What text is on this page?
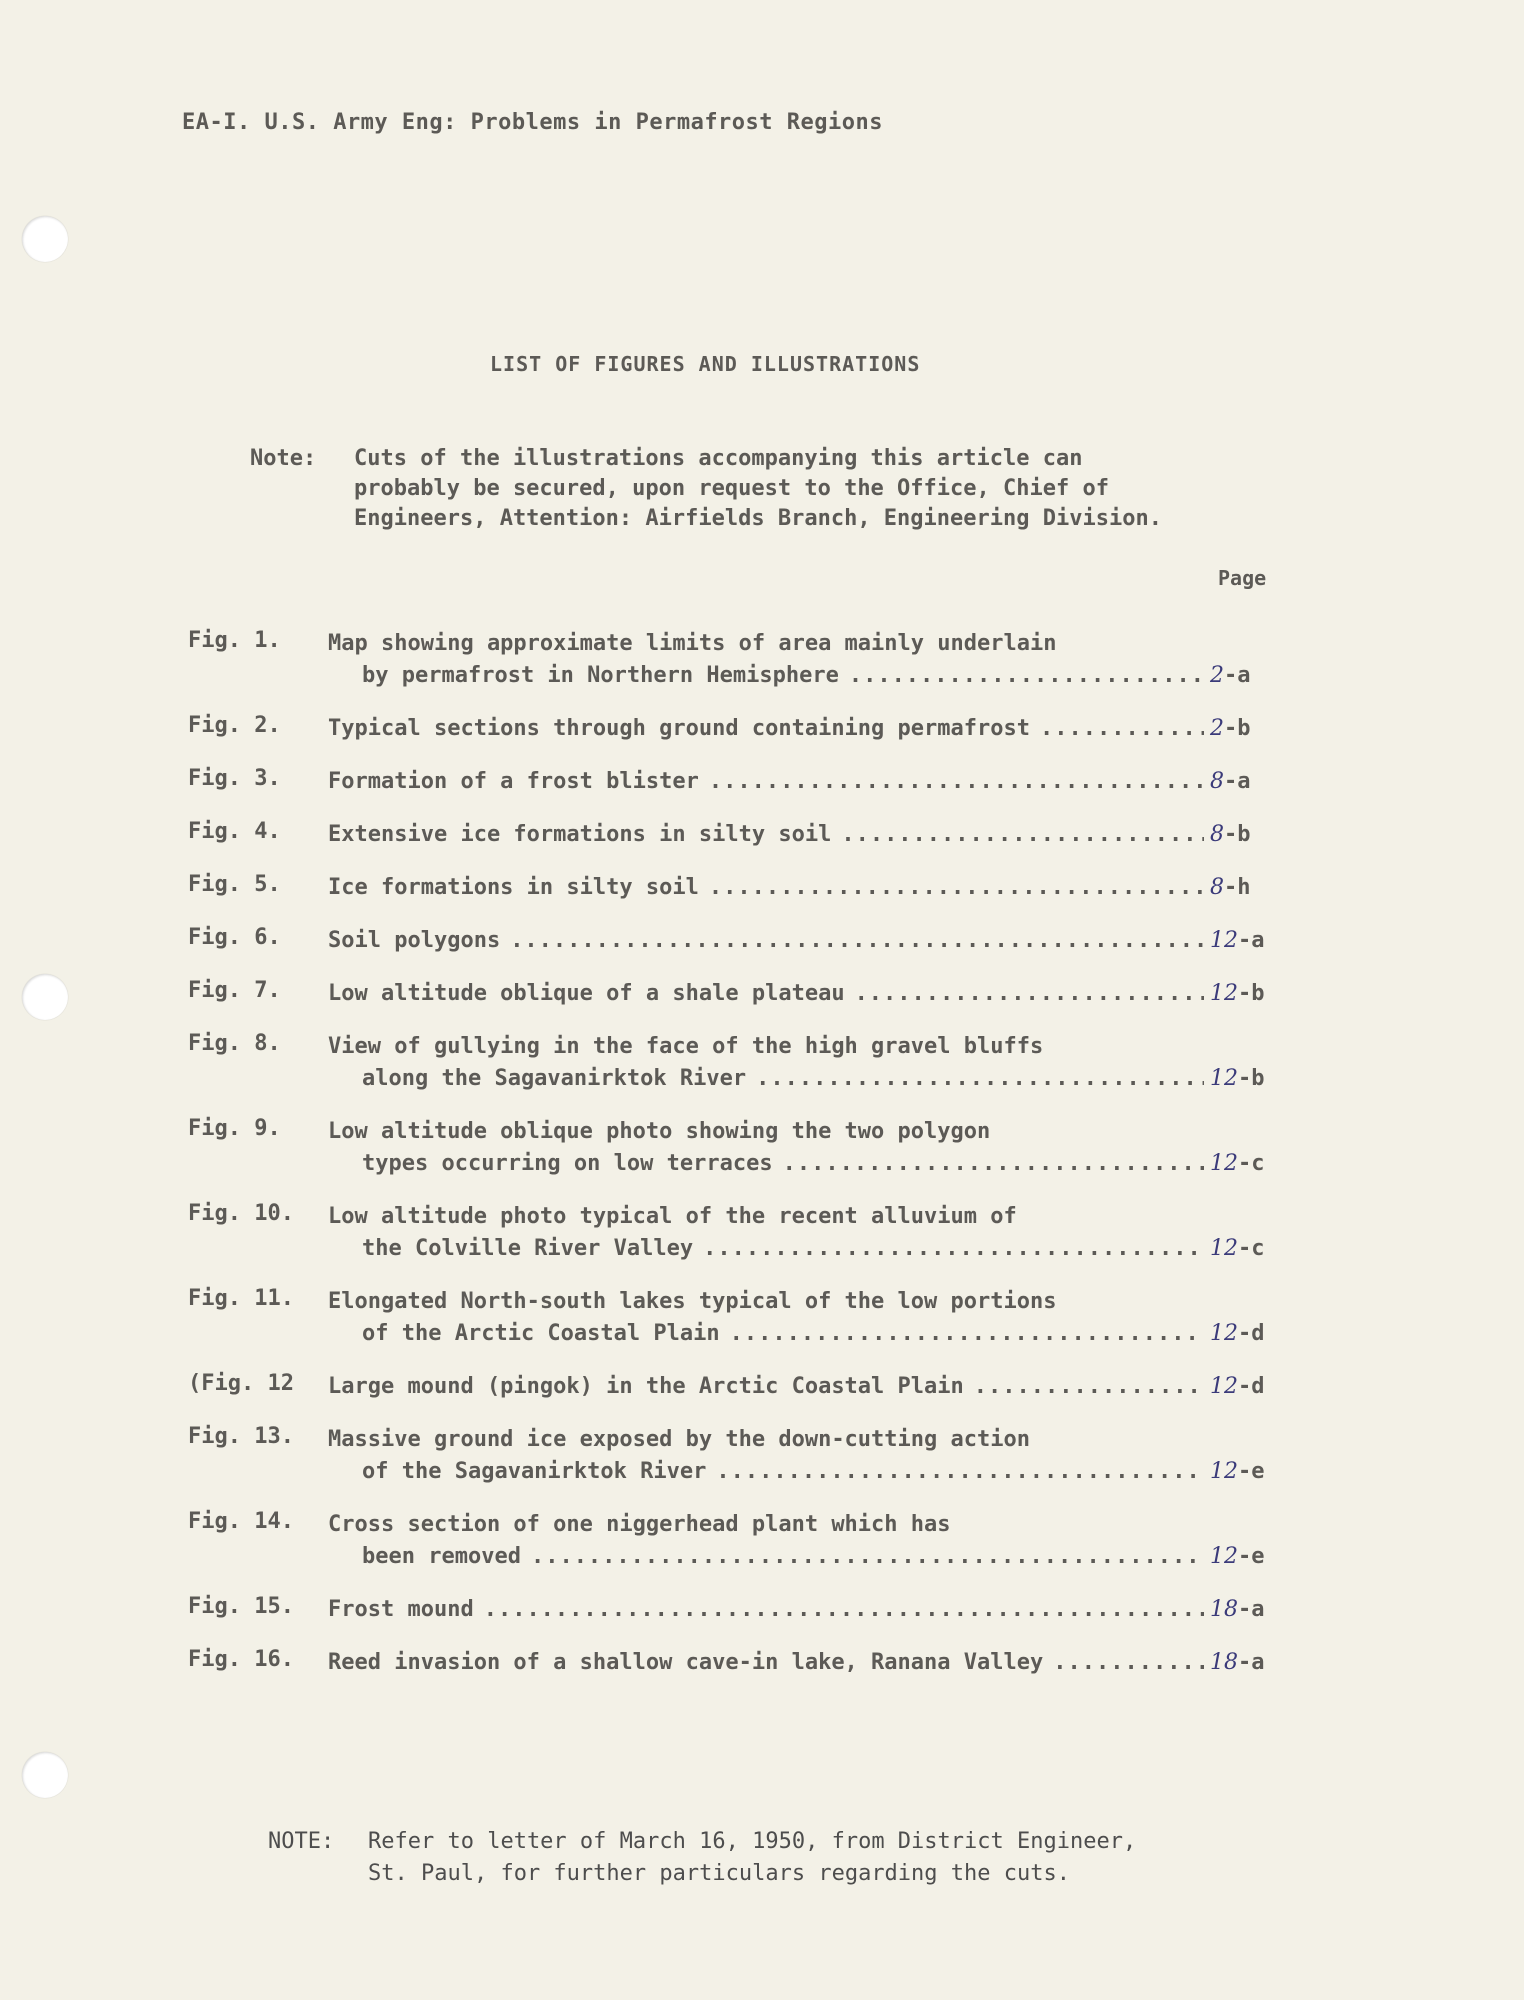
EA-I. U.S. Army Eng: Problems in Permafrost Regions
LIST OF FIGURES AND ILLUSTRATIONS
Note: Cuts of the illustrations accompanying this article can
probably be secured, upon request to the Office, Chief of
Engineers, Attention: Airfields Branch, Engineering Division.
Page
Fig. 1.	Map showing approximate limits of area mainly underlain
by permafrost in Northern Hemisphere .....	2-a
Fig. 2.	Typical sections through ground containing permafrost .....	2-b
Fig. 3.	Formation of a frost blister .....	8-a
Fig. 4.	Extensive ice formations in silty soil .....	8-b
Fig. 5.	Ice formations in silty soil .....	8-h
Fig. 6.	Soil polygons .....	12-a
Fig. 7.	Low altitude oblique of a shale plateau .....	12-b
Fig. 8.	View of gullying in the face of the high gravel bluffs
along the Sagavanirktok River .....	12-b
Fig. 9.	Low altitude oblique photo showing the two polygon
types occurring on low terraces .....	12-c
Fig. 10.	Low altitude photo typical of the recent alluvium of
the Colville River Valley .....	12-c
Fig. 11.	Elongated North-south lakes typical of the low portions
of the Arctic Coastal Plain .....	12-d
(Fig. 12	Large mound (pingok) in the Arctic Coastal Plain .....	12-d
Fig. 13.	Massive ground ice exposed by the down-cutting action
of the Sagavanirktok River .....	12-e
Fig. 14.	Cross section of one niggerhead plant which has
been removed .....	12-e
Fig. 15.	Frost mound .....	18-a
Fig. 16.	Reed invasion of a shallow cave-in lake, Ranana Valley .....	18-a
NOTE: Refer to letter of March 16, 1950, from District Engineer,
St. Paul, for further particulars regarding the cuts.
